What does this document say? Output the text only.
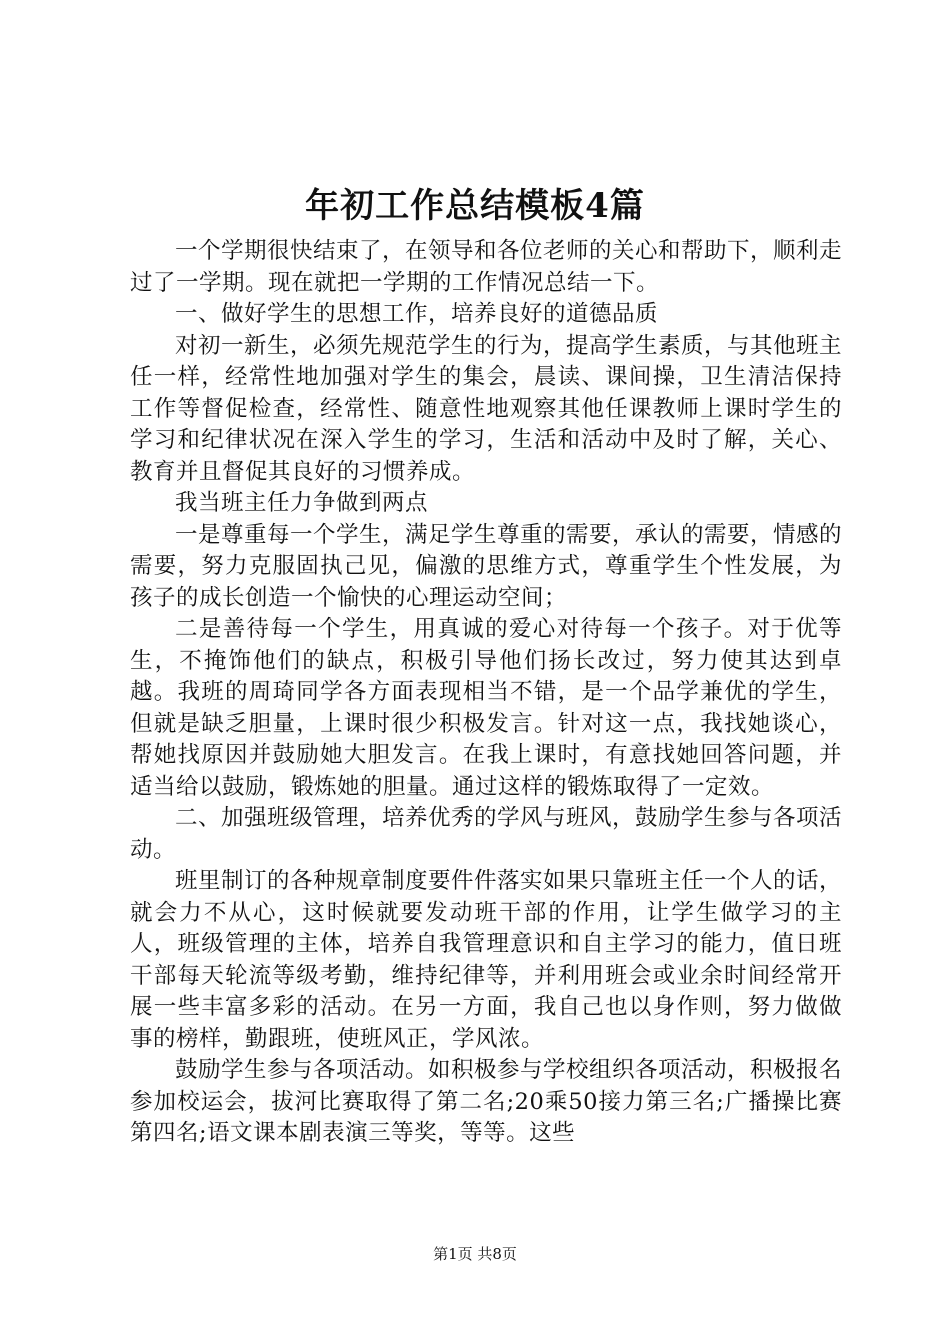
年初工作总结模板4篇

一个学期很快结束了，在领导和各位老师的关心和帮助下，顺利走过了一学期。现在就把一学期的工作情况总结一下。

一、做好学生的思想工作，培养良好的道德品质

对初一新生，必须先规范学生的行为，提高学生素质，与其他班主任一样，经常性地加强对学生的集会，晨读、课间操，卫生清洁保持工作等督促检查，经常性、随意性地观察其他任课教师上课时学生的学习和纪律状况在深入学生的学习，生活和活动中及时了解，关心、教育并且督促其良好的习惯养成。

我当班主任力争做到两点

一是尊重每一个学生，满足学生尊重的需要，承认的需要，情感的需要，努力克服固执己见，偏激的思维方式，尊重学生个性发展，为孩子的成长创造一个愉快的心理运动空间；

二是善待每一个学生，用真诚的爱心对待每一个孩子。对于优等生，不掩饰他们的缺点，积极引导他们扬长改过，努力使其达到卓越。我班的周琦同学各方面表现相当不错，是一个品学兼优的学生，但就是缺乏胆量，上课时很少积极发言。针对这一点，我找她谈心，帮她找原因并鼓励她大胆发言。在我上课时，有意找她回答问题，并适当给以鼓励，锻炼她的胆量。通过这样的锻炼取得了一定效。

二、加强班级管理，培养优秀的学风与班风，鼓励学生参与各项活动。

班里制订的各种规章制度要件件落实如果只靠班主任一个人的话，就会力不从心，这时候就要发动班干部的作用，让学生做学习的主人，班级管理的主体，培养自我管理意识和自主学习的能力，值日班干部每天轮流等级考勤，维持纪律等，并利用班会或业余时间经常开展一些丰富多彩的活动。在另一方面，我自己也以身作则，努力做做事的榜样，勤跟班，使班风正，学风浓。

鼓励学生参与各项活动。如积极参与学校组织各项活动，积极报名参加校运会，拔河比赛取得了第二名;20乘50接力第三名;广播操比赛第四名;语文课本剧表演三等奖，等等。这些

第1页 共8页
